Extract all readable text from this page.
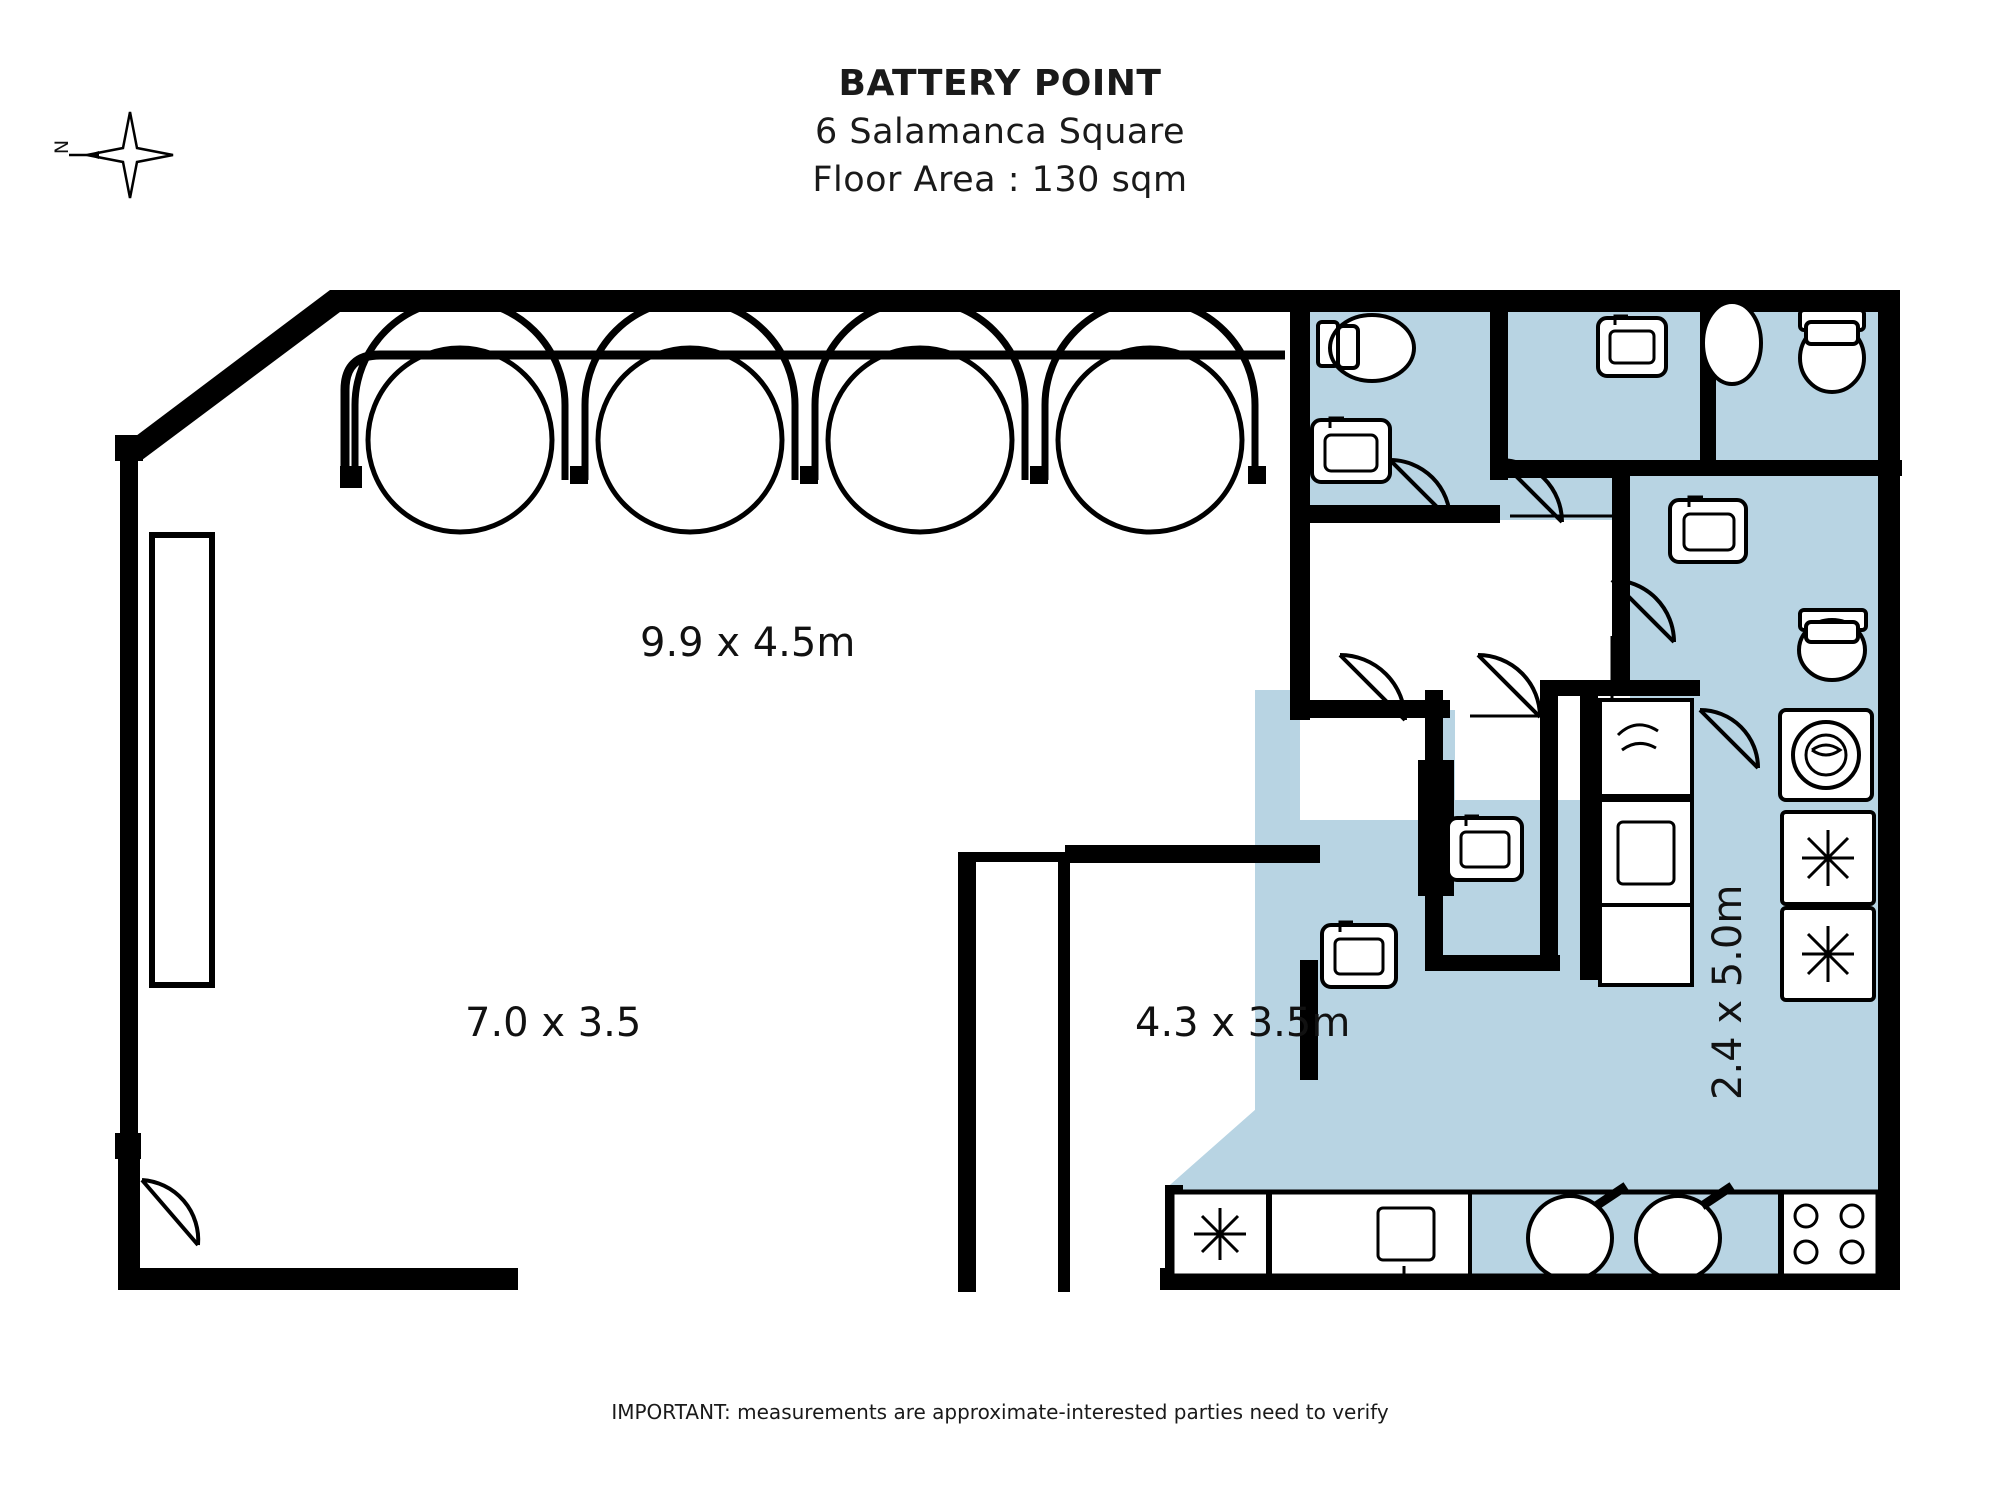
N
BATTERY POINT
6 Salamanca Square
Floor Area : 130 sqm
9.9 x 4.5m
7.0 x 3.5	4.3 x 3.5m	2.4 x 5.0m
IMPORTANT: measurements are approximate-interested parties need to verify
